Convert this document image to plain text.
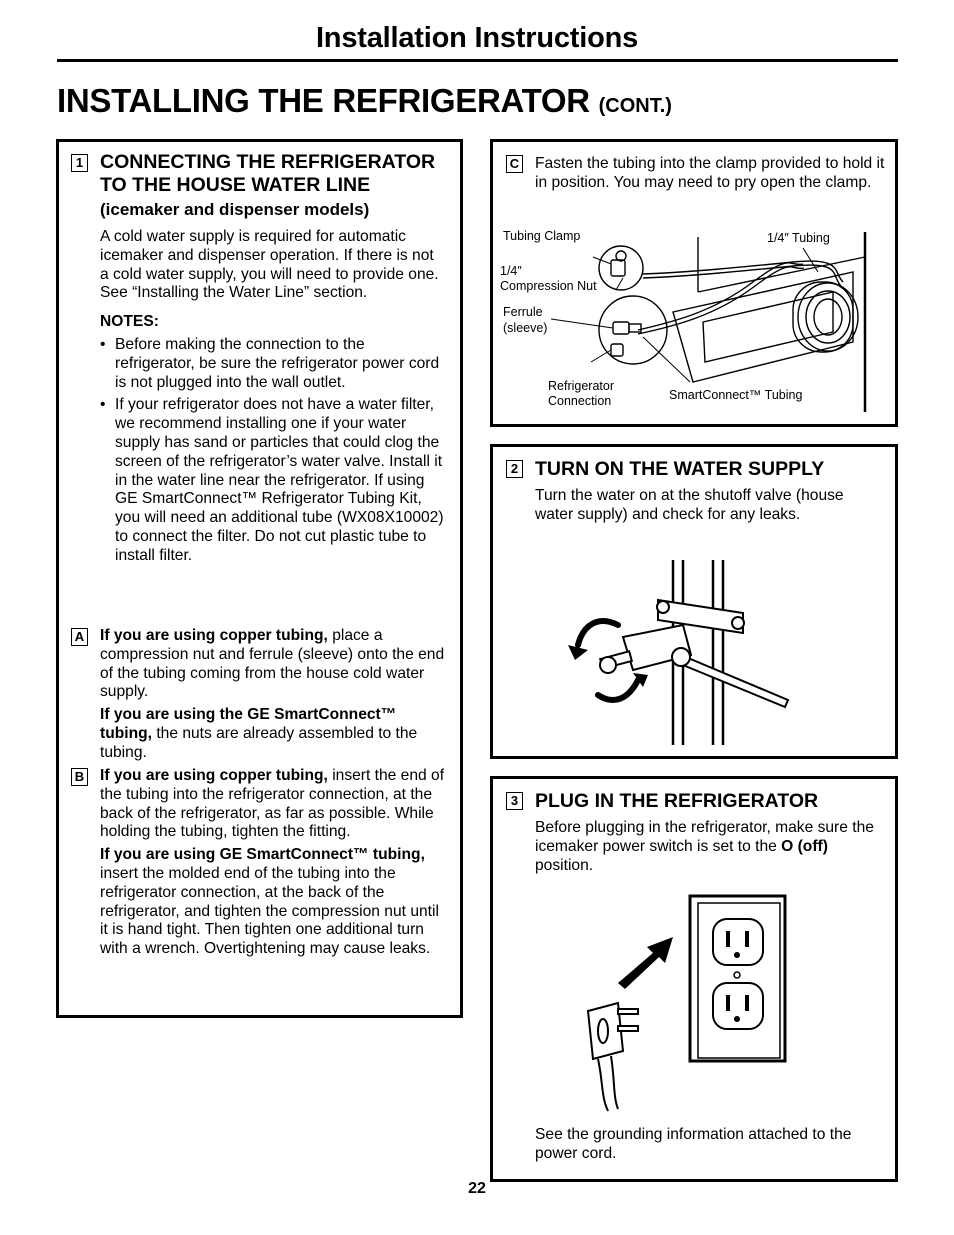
Installation Instructions
INSTALLING THE REFRIGERATOR (CONT.)
1 CONNECTING THE REFRIGERATOR TO THE HOUSE WATER LINE
(icemaker and dispenser models)

A cold water supply is required for automatic icemaker and dispenser operation. If there is not a cold water supply, you will need to provide one. See “Installing the Water Line” section.

NOTES:

• Before making the connection to the refrigerator, be sure the refrigerator power cord is not plugged into the wall outlet.

• If your refrigerator does not have a water filter, we recommend installing one if your water supply has sand or particles that could clog the screen of the refrigerator’s water valve. Install it in the water line near the refrigerator. If using GE SmartConnect™ Refrigerator Tubing Kit, you will need an additional tube (WX08X10002) to connect the filter. Do not cut plastic tube to install filter.

A If you are using copper tubing, place a compression nut and ferrule (sleeve) onto the end of the tubing coming from the house cold water supply.

If you are using the GE SmartConnect™ tubing, the nuts are already assembled to the tubing.

B If you are using copper tubing, insert the end of the tubing into the refrigerator connection, at the back of the refrigerator, as far as possible. While holding the tubing, tighten the fitting.

If you are using GE SmartConnect™ tubing, insert the molded end of the tubing into the refrigerator connection, at the back of the refrigerator, and tighten the compression nut until it is hand tight. Then tighten one additional turn with a wrench. Overtightening may cause leaks.

C Fasten the tubing into the clamp provided to hold it in position. You may need to pry open the clamp.
Tubing Clamp	1/4″ Tubing
1/4″
Compression Nut
Ferrule
(sleeve)
Refrigerator
Connection	SmartConnect™ Tubing
2 TURN ON THE WATER SUPPLY
Turn the water on at the shutoff valve (house water supply) and check for any leaks.
3 PLUG IN THE REFRIGERATOR
Before plugging in the refrigerator, make sure the icemaker power switch is set to the O (off) position.
See the grounding information attached to the power cord.
22
